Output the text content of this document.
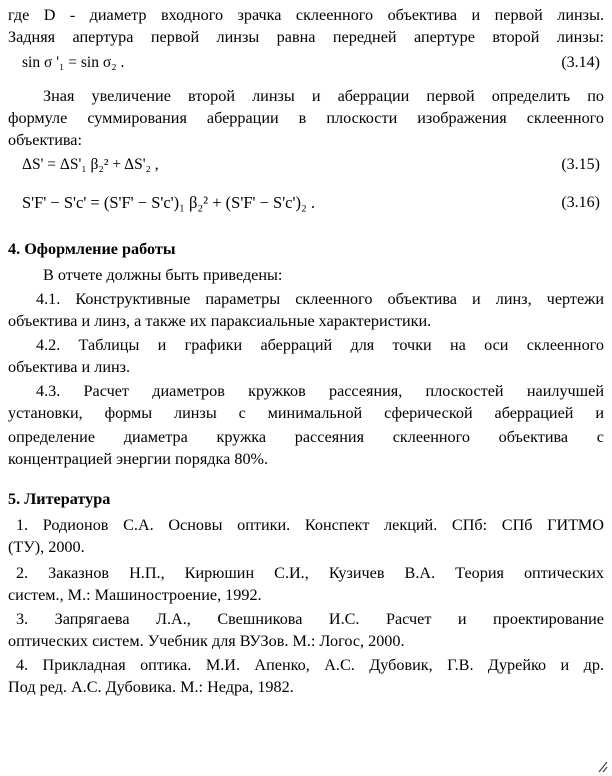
где D - диаметр входного зрачка склеенного объектива и первой линзы.
Задняя апертура первой линзы равна передней апертуре второй линзы:
sin σ '₁ = sin σ₂ .	(3.14)
Зная увеличение второй линзы и аберрации первой определить по
формуле суммирования аберрации в плоскости изображения склеенного
объектива:
ΔS' = ΔS'₁ β₂² + ΔS'₂ ,	(3.15)
S'F' − S'c' = (S'F' − S'c')₁ β₂² + (S'F' − S'c')₂ .	(3.16)
4. Оформление работы
В отчете должны быть приведены:
4.1. Конструктивные параметры склеенного объектива и линз, чертежи
объектива и линз, а также их параксиальные характеристики.
4.2. Таблицы и графики аберраций для точки на оси склеенного
объектива и линз.
4.3. Расчет диаметров кружков рассеяния, плоскостей наилучшей
установки, формы линзы с минимальной сферической аберрацией и
определение диаметра кружка рассеяния склеенного объектива с
концентрацией энергии порядка 80%.
5. Литература
1. Родионов С.А. Основы оптики. Конспект лекций. СПб: СПб ГИТМО
(ТУ), 2000.
2. Заказнов Н.П., Кирюшин С.И., Кузичев В.А. Теория оптических
систем., М.: Машиностроение, 1992.
3. Запрягаева Л.А., Свешникова И.С. Расчет и проектирование
оптических систем. Учебник для ВУЗов. М.: Логос, 2000.
4. Прикладная оптика. М.И. Апенко, А.С. Дубовик, Г.В. Дурейко и др.
Под ред. А.С. Дубовика. М.: Недра, 1982.
